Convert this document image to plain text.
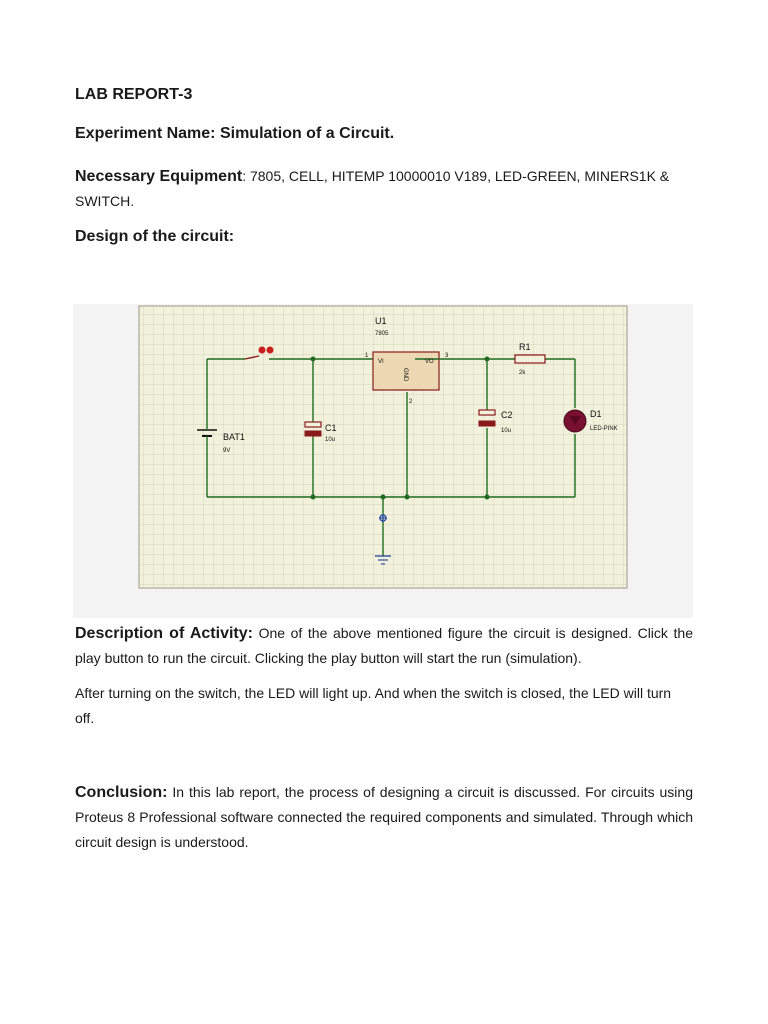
LAB REPORT-3
Experiment Name: Simulation of a Circuit.
Necessary Equipment: 7805, CELL, HITEMP 10000010 V189, LED-GREEN, MINERS1K & SWITCH.
Design of the circuit:
U1
7805
VI	VO
GND
1	3
2
R1
2k
C1
10u
C2
10u
D1
LED-PINK
BAT1
9V
Description of Activity: One of the above mentioned figure the circuit is designed. Click the play button to run the circuit. Clicking the play button will start the run (simulation).
After turning on the switch, the LED will light up. And when the switch is closed, the LED will turn off.
Conclusion: In this lab report, the process of designing a circuit is discussed. For circuits using Proteus 8 Professional software connected the required components and simulated. Through which circuit design is understood.
